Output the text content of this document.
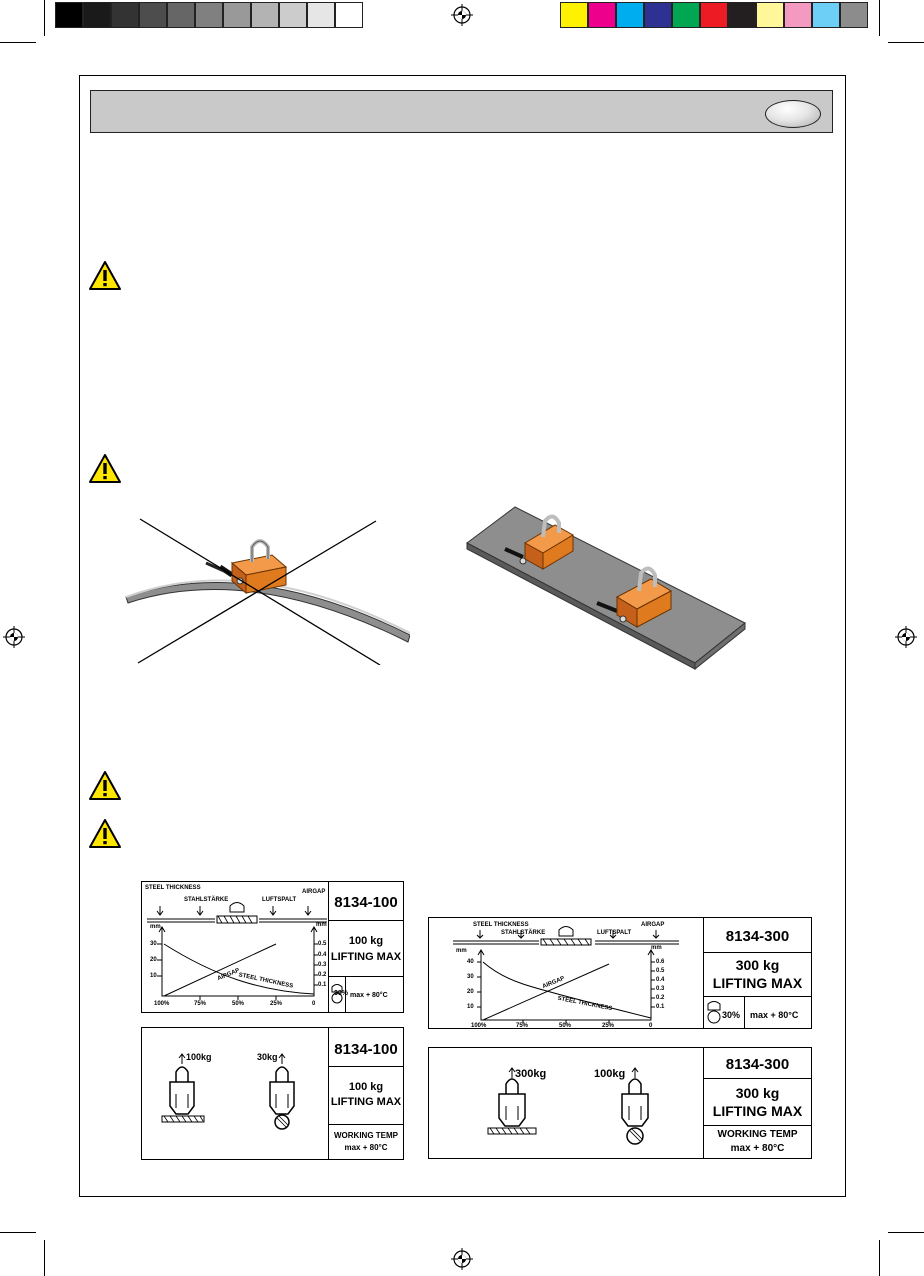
STEEL THICKNESS
STAHLSTÄRKE	LUFTSPALT
AIRGAP
mm	mm
30
20
10
0.5
0.4
0.3
0.2
0.1
100%	75%	50%	25%	0
AIRGAP
STEEL THICKNESS
8134-100
100 kg
LIFTING MAX
30% max + 80°C
100kg	30kg	8134-100
100 kg
LIFTING MAX
WORKING TEMP
max + 80°C
STEEL THICKNESS
STAHLSTÄRKE	LUFTSPALT
AIRGAP
mm	mm
40
30
20
10
0.6
0.5
0.4
0.3
0.2
0.1
100%	75%	50%	25%	0
AIRGAP
STEEL THICKNESS
8134-300
300 kg
LIFTING MAX
30% max + 80°C
300kg	100kg
8134-300
300 kg
LIFTING MAX
WORKING TEMP
max + 80°C
